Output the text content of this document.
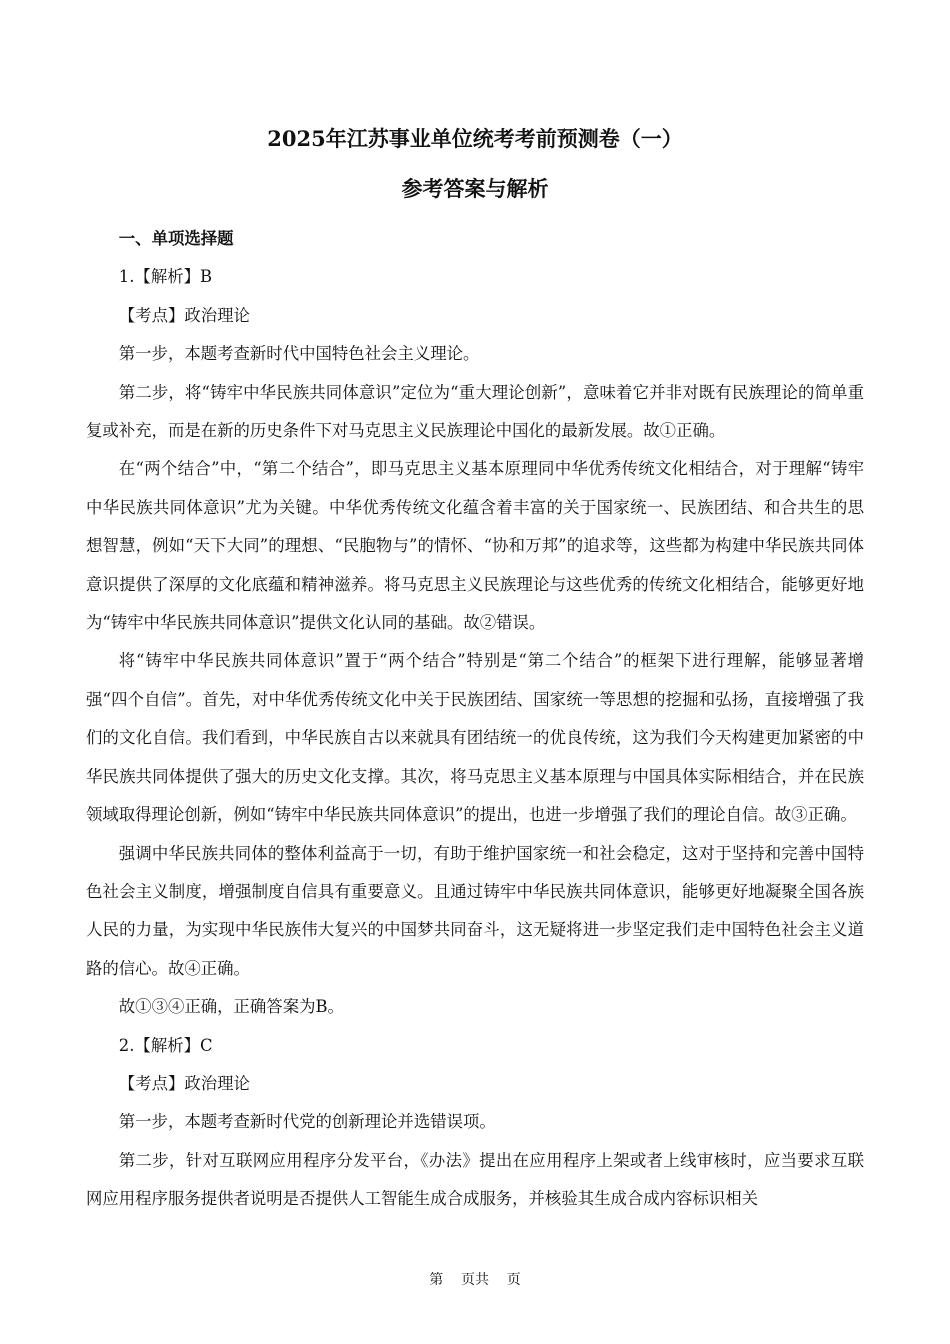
2025年江苏事业单位统考考前预测卷（一）
参考答案与解析

一、单项选择题

1.【解析】B

【考点】政治理论

第一步，本题考查新时代中国特色社会主义理论。

第二步，将“铸牢中华民族共同体意识”定位为“重大理论创新”，意味着它并非对既有民族理论的简单重复或补充，而是在新的历史条件下对马克思主义民族理论中国化的最新发展。故①正确。

在“两个结合”中，“第二个结合”，即马克思主义基本原理同中华优秀传统文化相结合，对于理解“铸牢中华民族共同体意识”尤为关键。中华优秀传统文化蕴含着丰富的关于国家统一、民族团结、和合共生的思想智慧，例如“天下大同”的理想、“民胞物与”的情怀、“协和万邦”的追求等，这些都为构建中华民族共同体意识提供了深厚的文化底蕴和精神滋养。将马克思主义民族理论与这些优秀的传统文化相结合，能够更好地为“铸牢中华民族共同体意识”提供文化认同的基础。故②错误。

将“铸牢中华民族共同体意识”置于“两个结合”特别是“第二个结合”的框架下进行理解，能够显著增强“四个自信”。首先，对中华优秀传统文化中关于民族团结、国家统一等思想的挖掘和弘扬，直接增强了我们的文化自信。我们看到，中华民族自古以来就具有团结统一的优良传统，这为我们今天构建更加紧密的中华民族共同体提供了强大的历史文化支撑。其次，将马克思主义基本原理与中国具体实际相结合，并在民族领域取得理论创新，例如“铸牢中华民族共同体意识”的提出，也进一步增强了我们的理论自信。故③正确。

强调中华民族共同体的整体利益高于一切，有助于维护国家统一和社会稳定，这对于坚持和完善中国特色社会主义制度，增强制度自信具有重要意义。且通过铸牢中华民族共同体意识，能够更好地凝聚全国各族人民的力量，为实现中华民族伟大复兴的中国梦共同奋斗，这无疑将进一步坚定我们走中国特色社会主义道路的信心。故④正确。

故①③④正确，正确答案为B。

2.【解析】C

【考点】政治理论

第一步，本题考查新时代党的创新理论并选错误项。

第二步，针对互联网应用程序分发平台，《办法》提出在应用程序上架或者上线审核时，应当要求互联网应用程序服务提供者说明是否提供人工智能生成合成服务，并核验其生成合成内容标识相关

第    页共    页
